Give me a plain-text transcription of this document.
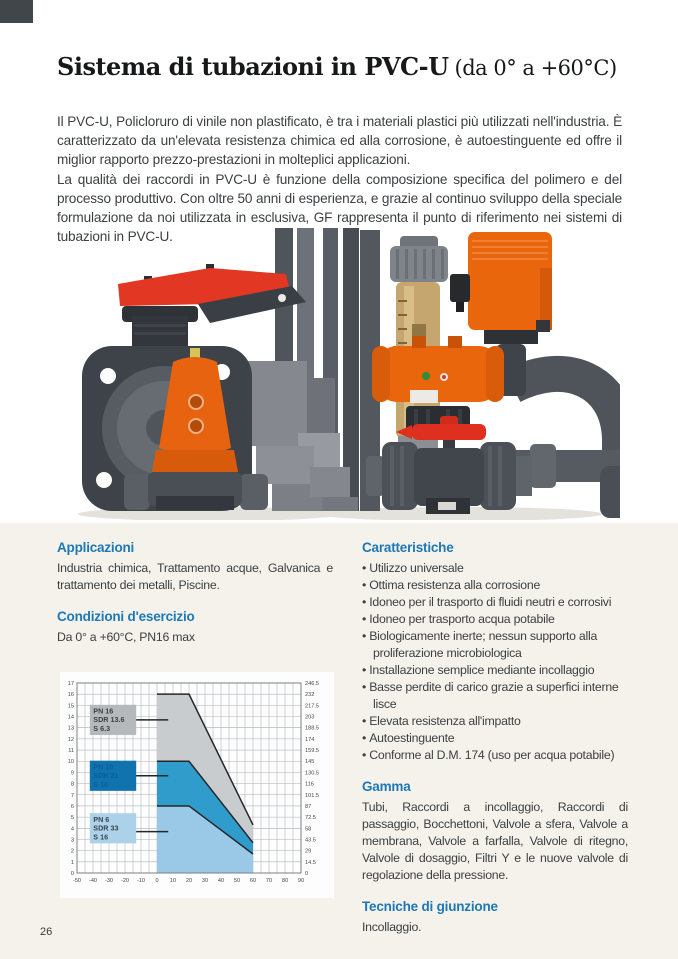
Sistema di tubazioni in PVC-U (da 0° a +60°C)

Il PVC-U, Policloruro di vinile non plastificato, è tra i materiali plastici più utilizzati nell'industria. È caratterizzato da un'elevata resistenza chimica ed alla corrosione, è autoestinguente ed offre il miglior rapporto prezzo-prestazioni in molteplici applicazioni.

La qualità dei raccordi in PVC-U è funzione della composizione specifica del polimero e del processo produttivo. Con oltre 50 anni di esperienza, e grazie al continuo sviluppo della speciale formulazione da noi utilizzata in esclusiva, GF rappresenta il punto di riferimento nei sistemi di tubazioni in PVC-U.

Applicazioni

Industria chimica, Trattamento acque, Galvanica e trattamento dei metalli, Piscine.

Condizioni d'esercizio

Da 0° a +60°C, PN16 max

Caratteristiche

• Utilizzo universale
• Ottima resistenza alla corrosione
• Idoneo per il trasporto di fluidi neutri e corrosivi
• Idoneo per trasporto acqua potabile
• Biologicamente inerte; nessun supporto alla proliferazione microbiologica
• Installazione semplice mediante incollaggio
• Basse perdite di carico grazie a superfici interne lisce
• Elevata resistenza all'impatto
• Autoestinguente
• Conforme al D.M. 174 (uso per acqua potabile)

Gamma

Tubi, Raccordi a incollaggio, Raccordi di passaggio, Bocchettoni, Valvole a sfera, Valvole a membrana, Valvole a farfalla, Valvole di ritegno, Valvole di dosaggio, Filtri Y e le nuove valvole di regolazione della pressione.

Tecniche di giunzione

Incollaggio.

0	0
1	14.5
2	29
3	43.5
4	58
5	72.5
6	87
7	101.5
8	116
9	130.5
10	145
11	159.5
12	174
13	188.5
14	203
15	217.5
16	232
17	246.5
-50 -40 -30 -20 -10 0 10 20 30 40 50 60 70 80 90
PN 16
SDR 13.6
S 6.3
PN 10
SDR 21
S 10
PN 6
SDR 33
S 16
26
